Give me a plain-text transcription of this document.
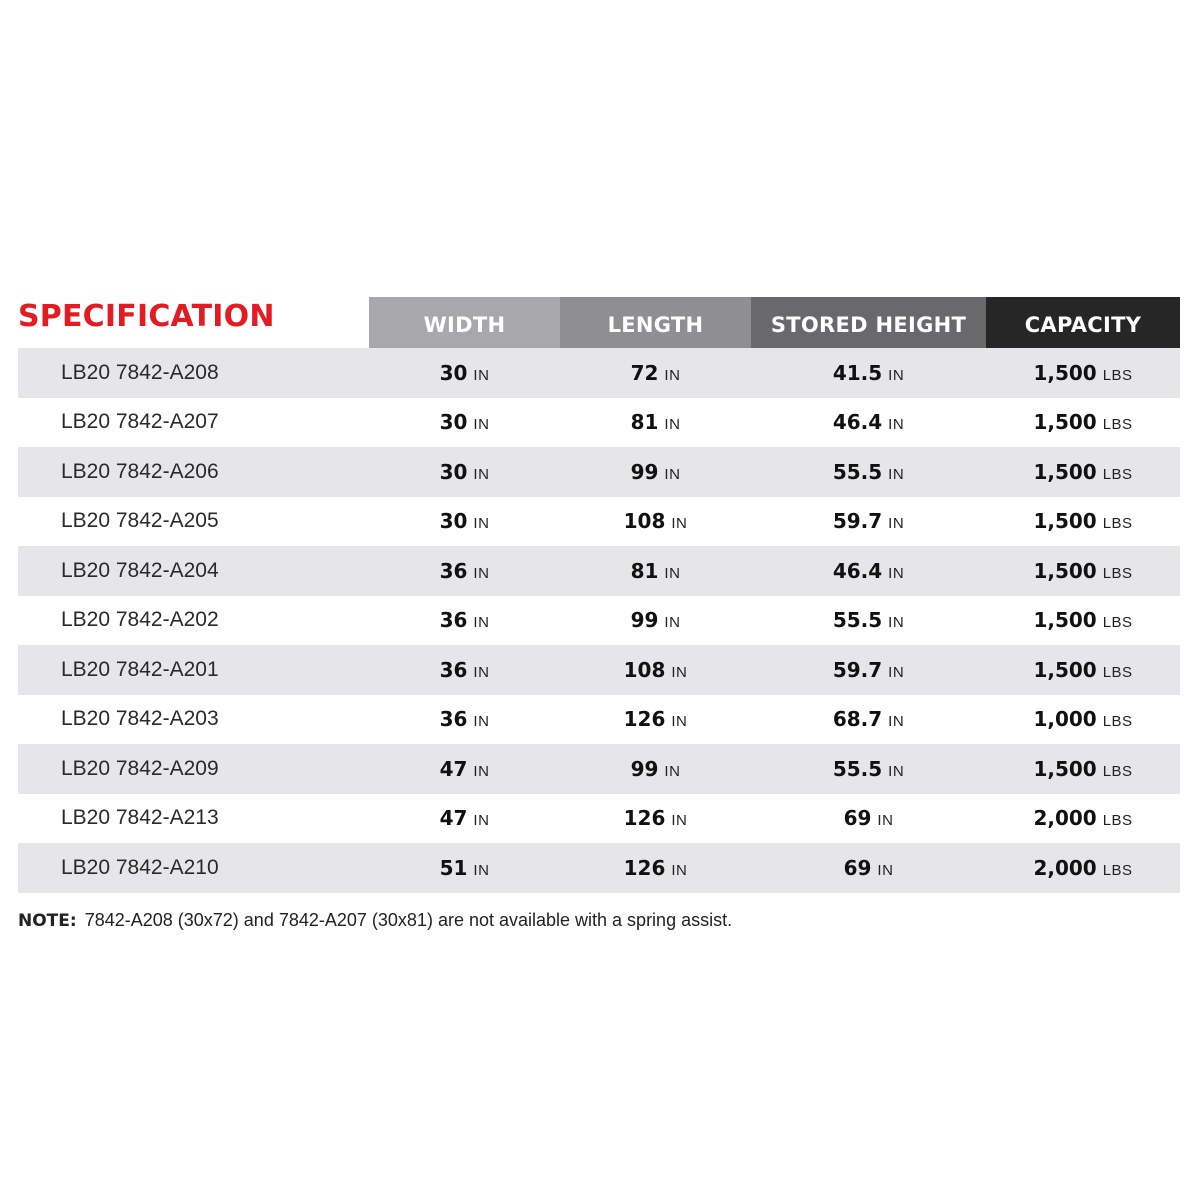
SPECIFICATION	WIDTH	LENGTH	STORED HEIGHT	CAPACITY
LB20 7842-A208	30 IN	72 IN	41.5 IN	1,500 LBS
LB20 7842-A207	30 IN	81 IN	46.4 IN	1,500 LBS
LB20 7842-A206	30 IN	99 IN	55.5 IN	1,500 LBS
LB20 7842-A205	30 IN	108 IN	59.7 IN	1,500 LBS
LB20 7842-A204	36 IN	81 IN	46.4 IN	1,500 LBS
LB20 7842-A202	36 IN	99 IN	55.5 IN	1,500 LBS
LB20 7842-A201	36 IN	108 IN	59.7 IN	1,500 LBS
LB20 7842-A203	36 IN	126 IN	68.7 IN	1,000 LBS
LB20 7842-A209	47 IN	99 IN	55.5 IN	1,500 LBS
LB20 7842-A213	47 IN	126 IN	69 IN	2,000 LBS
LB20 7842-A210	51 IN	126 IN	69 IN	2,000 LBS
NOTE: 7842-A208 (30x72) and 7842-A207 (30x81) are not available with a spring assist.
